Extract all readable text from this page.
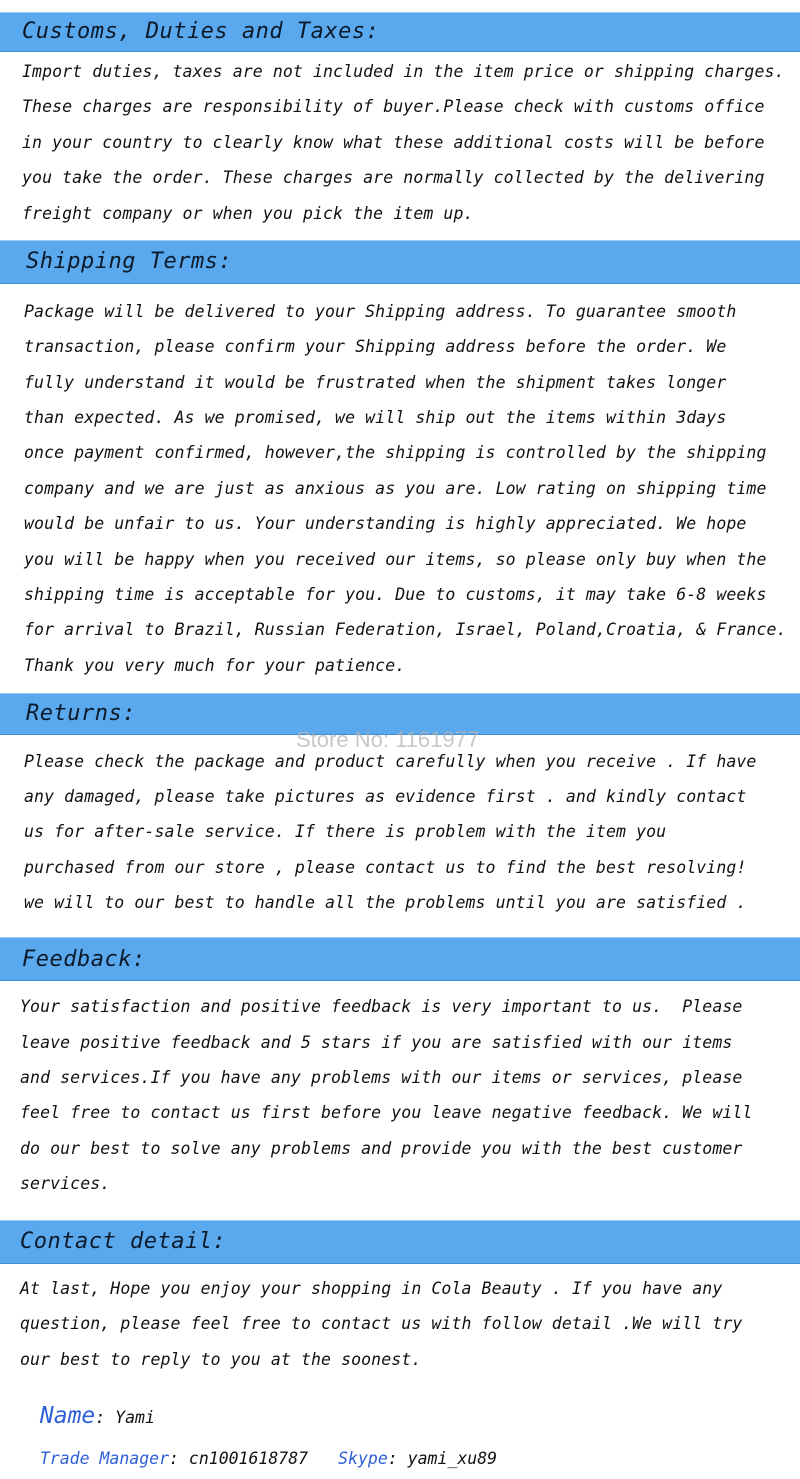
Customs, Duties and Taxes:
Import duties, taxes are not included in the item price or shipping charges.
These charges are responsibility of buyer.Please check with customs office
in your country to clearly know what these additional costs will be before
you take the order. These charges are normally collected by the delivering
freight company or when you pick the item up.
Shipping Terms:
Package will be delivered to your Shipping address. To guarantee smooth
transaction, please confirm your Shipping address before the order. We
fully understand it would be frustrated when the shipment takes longer
than expected. As we promised, we will ship out the items within 3days
once payment confirmed, however,the shipping is controlled by the shipping
company and we are just as anxious as you are. Low rating on shipping time
would be unfair to us. Your understanding is highly appreciated. We hope
you will be happy when you received our items, so please only buy when the
shipping time is acceptable for you. Due to customs, it may take 6-8 weeks
for arrival to Brazil, Russian Federation, Israel, Poland,Croatia, & France.
Thank you very much for your patience.
Returns:
Store No: 1161977
Please check the package and product carefully when you receive . If have
any damaged, please take pictures as evidence first . and kindly contact
us for after-sale service. If there is problem with the item you
purchased from our store , please contact us to find the best resolving!
we will to our best to handle all the problems until you are satisfied .
Feedback:
Your satisfaction and positive feedback is very important to us.  Please
leave positive feedback and 5 stars if you are satisfied with our items
and services.If you have any problems with our items or services, please
feel free to contact us first before you leave negative feedback. We will
do our best to solve any problems and provide you with the best customer
services.
Contact detail:
At last, Hope you enjoy your shopping in Cola Beauty . If you have any
question, please feel free to contact us with follow detail .We will try
our best to reply to you at the soonest.

Name: Yami

Trade Manager: cn1001618787 Skype: yami_xu89
